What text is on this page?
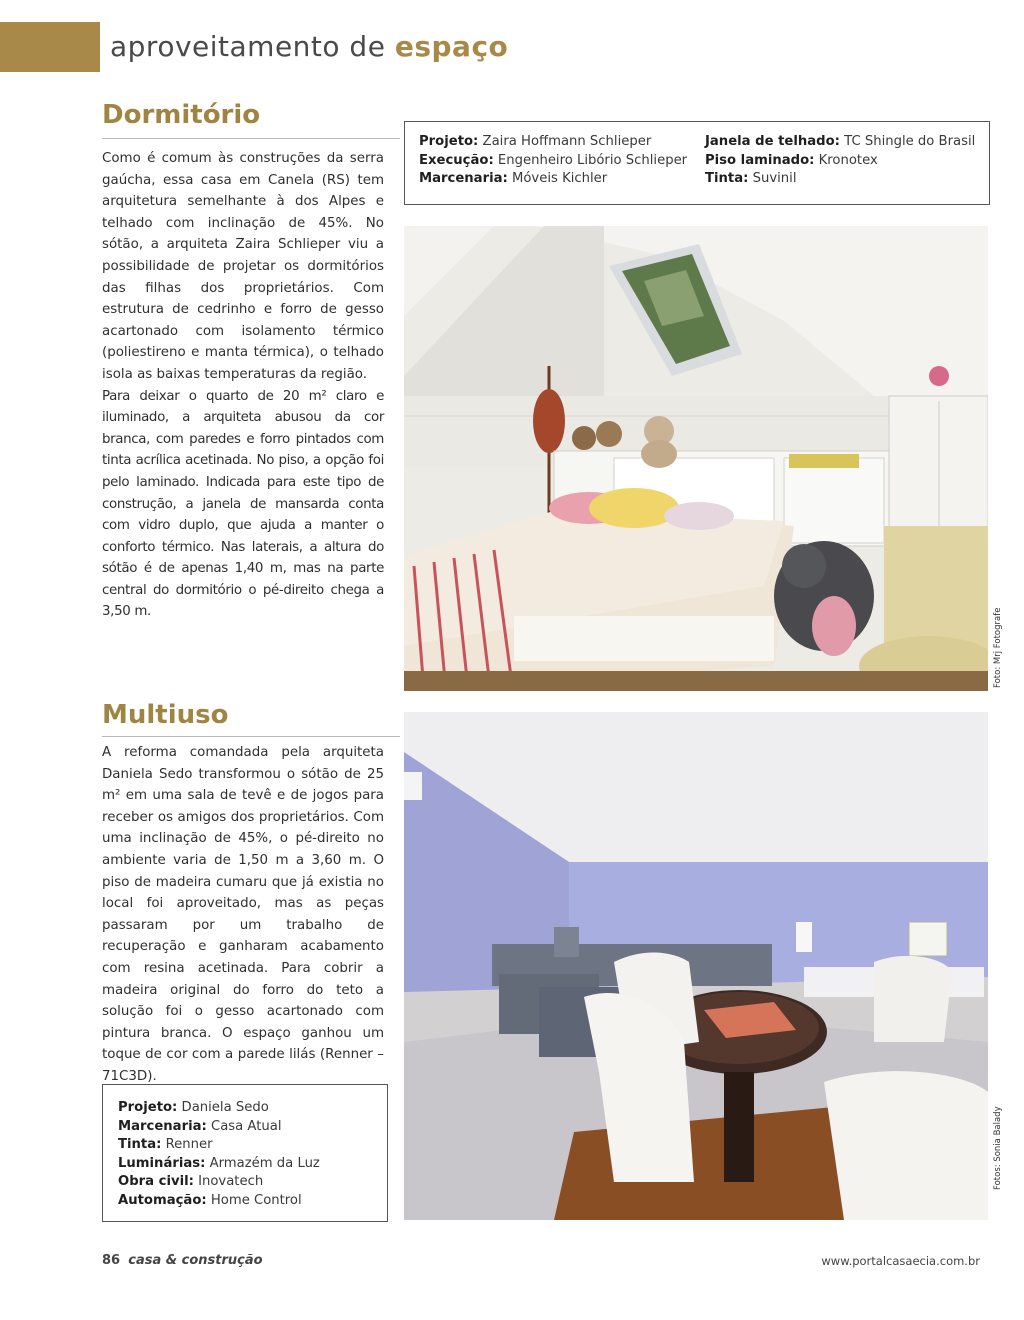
aproveitamento de espaço
Dormitório

Como é comum às construções da serra gaúcha, essa casa em Canela (RS) tem arquitetura semelhante à dos Alpes e telhado com inclinação de 45%. No sótão, a arquiteta Zaira Schlieper viu a possibilidade de projetar os dormitórios das filhas dos proprietários. Com estrutura de cedrinho e forro de gesso acartonado com isolamento térmico (poliestireno e manta térmica), o telhado isola as baixas temperaturas da região.

Para deixar o quarto de 20 m² claro e iluminado, a arquiteta abusou da cor branca, com paredes e forro pintados com tinta acrílica acetinada. No piso, a opção foi pelo laminado. Indicada para este tipo de construção, a janela de mansarda conta com vidro duplo, que ajuda a manter o conforto térmico. Nas laterais, a altura do sótão é de apenas 1,40 m, mas na parte central do dormitório o pé-direito chega a 3,50 m.

Projeto: Zaira Hoffmann Schlieper
Execução: Engenheiro Libório Schlieper
Marcenaria: Móveis Kichler
Janela de telhado: TC Shingle do Brasil
Piso laminado: Kronotex
Tinta: Suvinil
Foto: Mrj Fotografe
Multiuso

A reforma comandada pela arquiteta Daniela Sedo transformou o sótão de 25 m² em uma sala de tevê e de jogos para receber os amigos dos proprietários. Com uma inclinação de 45%, o pé-direito no ambiente varia de 1,50 m a 3,60 m. O piso de madeira cumaru que já existia no local foi aproveitado, mas as peças passaram por um trabalho de recuperação e ganharam acabamento com resina acetinada. Para cobrir a madeira original do forro do teto a solução foi o gesso acartonado com pintura branca. O espaço ganhou um toque de cor com a parede lilás (Renner – 71C3D).

Projeto: Daniela Sedo
Marcenaria: Casa Atual
Tinta: Renner
Luminárias: Armazém da Luz
Obra civil: Inovatech
Automação: Home Control
Fotos: Sonia Balady
86 casa & construção	www.portalcasaecia.com.br
